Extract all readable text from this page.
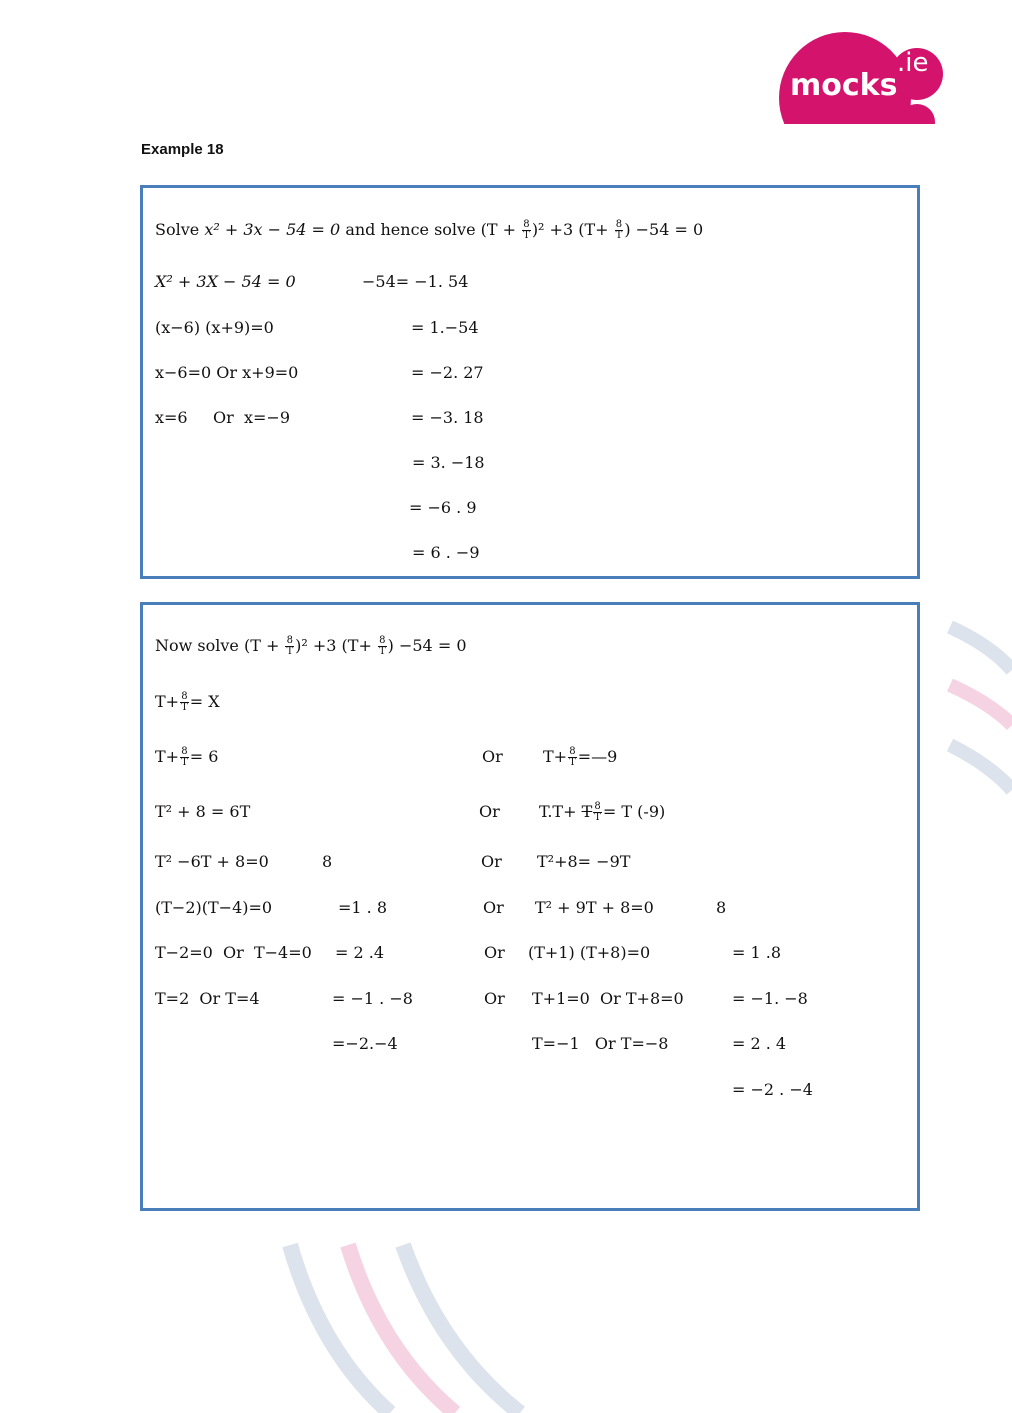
mocks
.ie
Example 18
Solve x² + 3x − 54 = 0 and hence solve $(T + \frac{8}{T} )^2 +3$ ($T+ \frac{8}{T}$ ) −54 = 0
X² + 3X − 54 = 0
(x−6) (x+9)=0
x−6=0 Or x+9=0
x=6     Or  x=−9
−54= −1. 54
= 1.−54
= −2. 27
= −3. 18
= 3. −18
= −6 . 9
= 6 . −9
Now solve $(T + \frac{8}{T} )^2 +3$ ($T+ \frac{8}{T}$ ) −54 = 0
$T+ \frac{8}{T} = X$
$T+ \frac{8}{T} = 6$
T² + 8 = 6T
T² −6T + 8=0
(T−2)(T−4)=0
T−2=0  Or  T−4=0
T=2  Or T=4
8
=1 . 8
= 2 .4
= −1 . −8
=−2.−4
Or
Or
Or
Or
Or
Or
$T+ \frac{8}{T}$ =—9
T.T+ T $\frac{8}{T} = T$ (-9)
T²+8= −9T
T² + 9T + 8=0
(T+1) (T+8)=0
T+1=0  Or T+8=0
T=−1   Or T=−8
8
= 1 .8
= −1. −8
= 2 . 4
= −2 . −4
